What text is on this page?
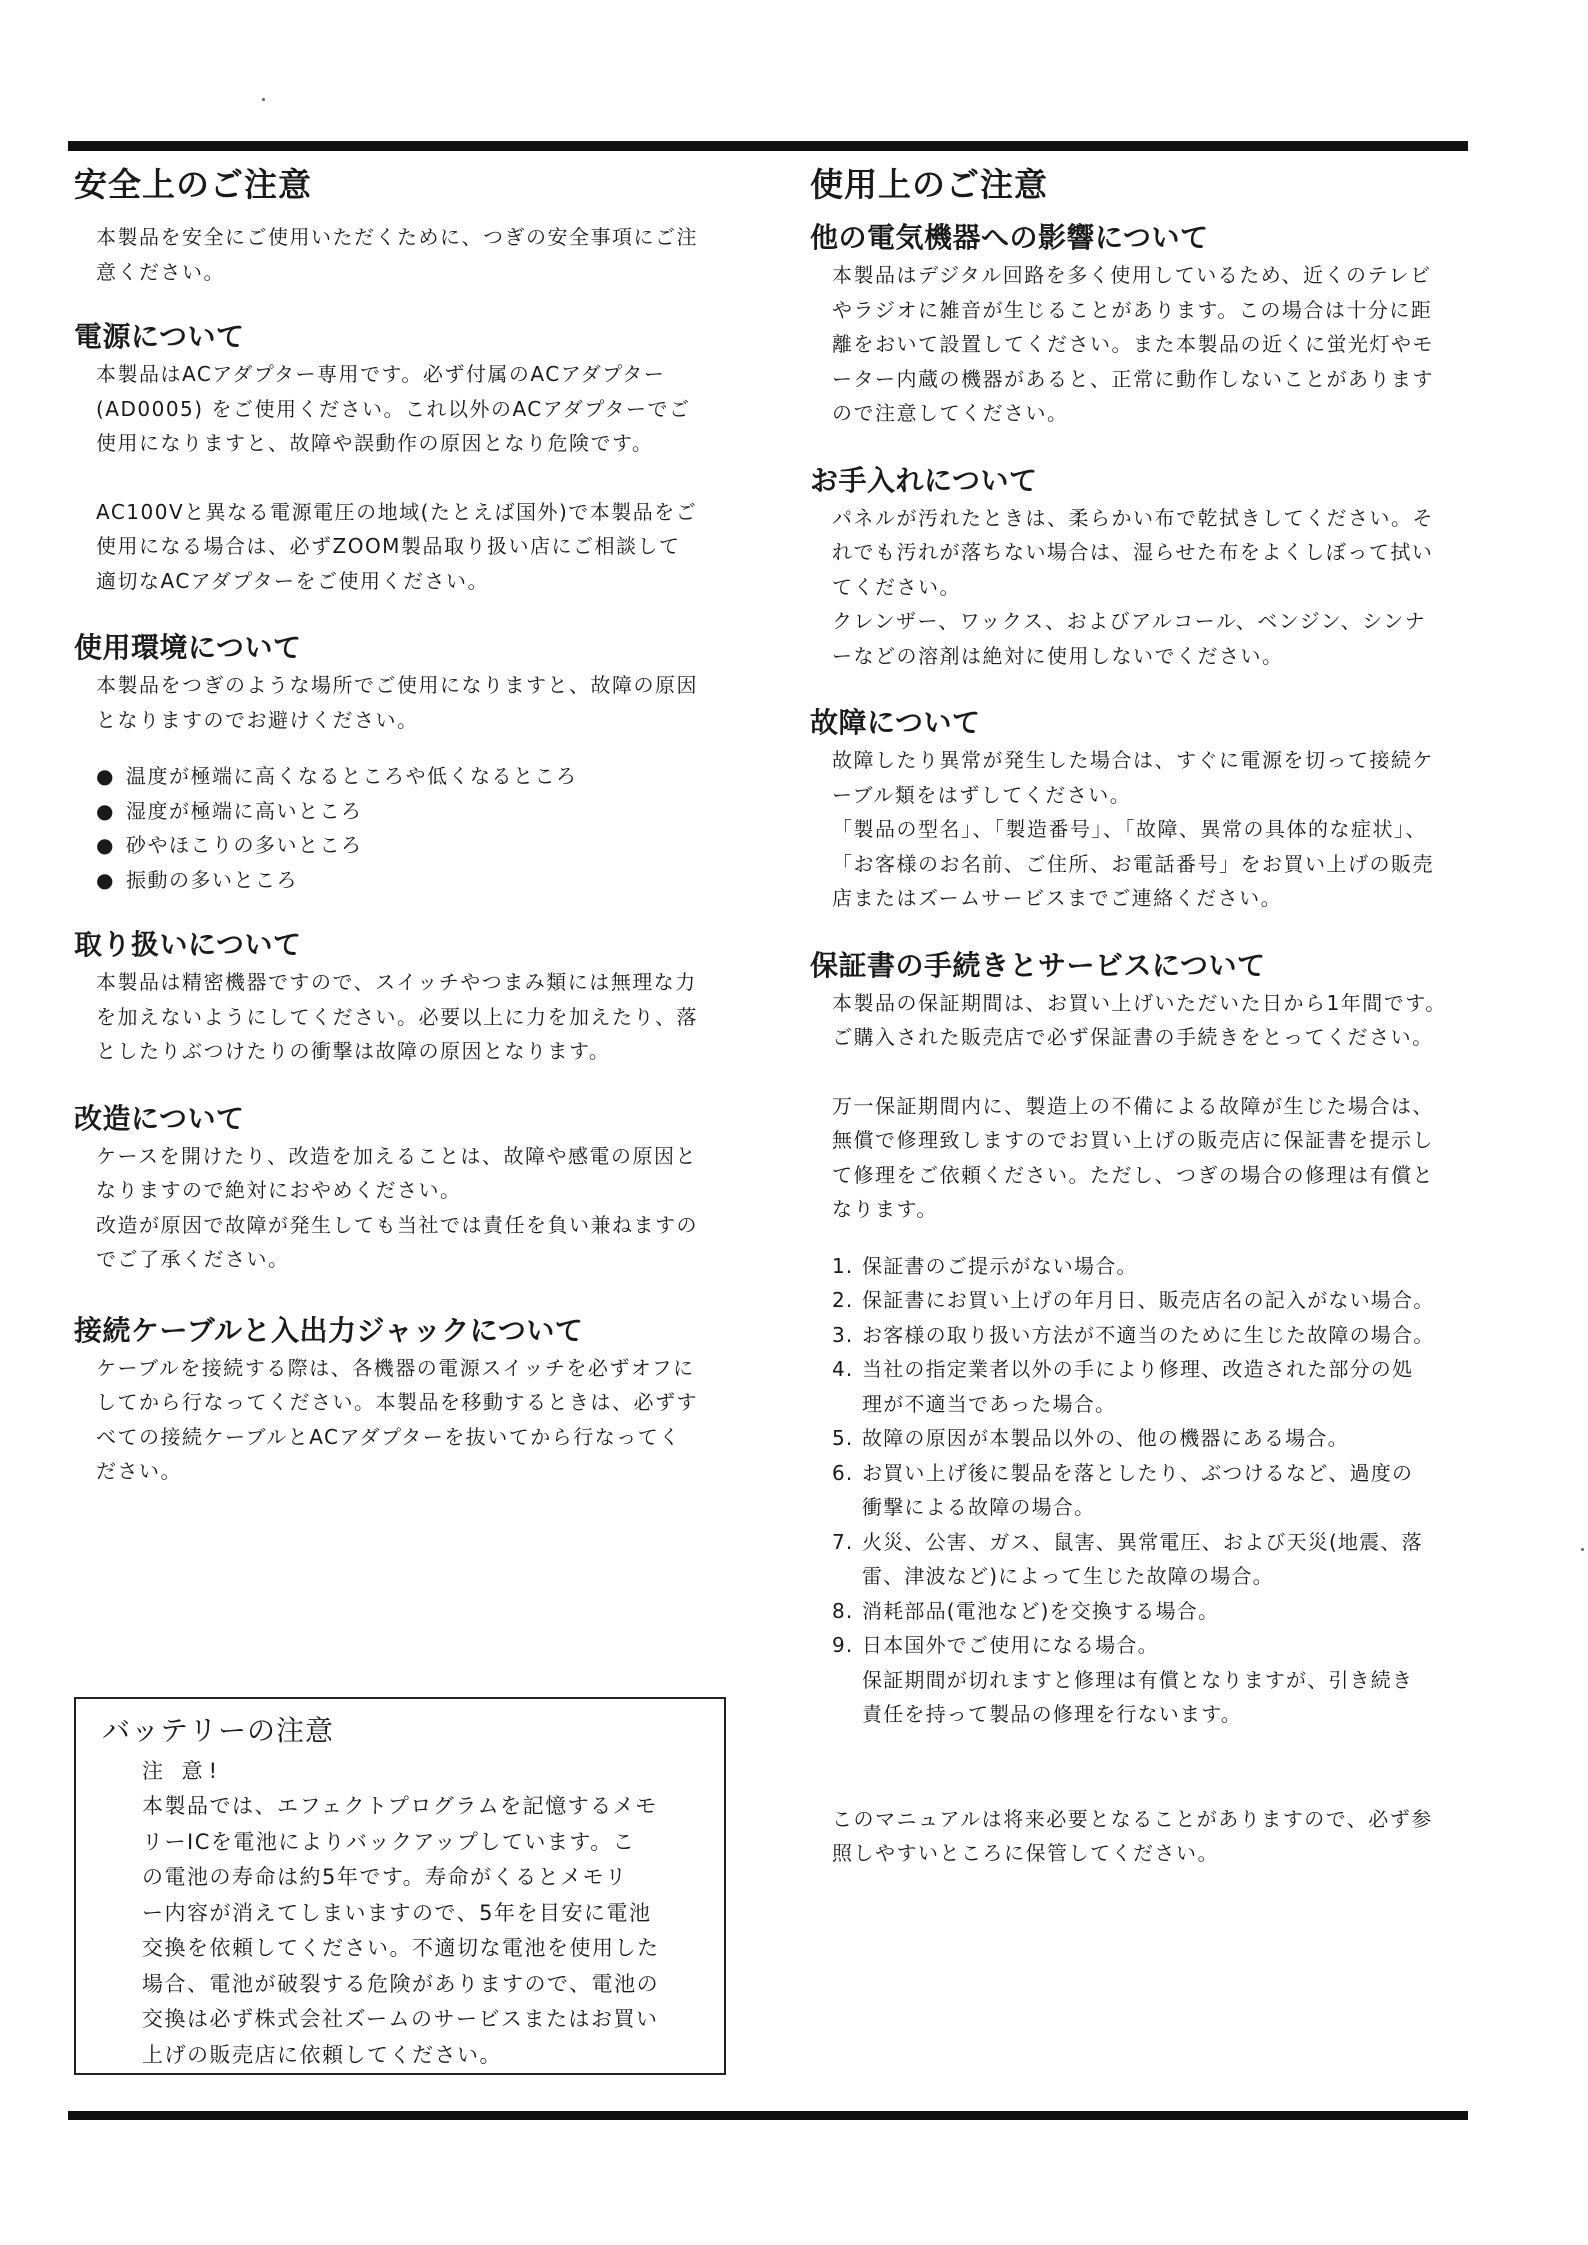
安全上のご注意

本製品を安全にご使用いただくために、つぎの安全事項にご注
意ください。

電源について

本製品はACアダプター専用です。必ず付属のACアダプター
(AD0005) をご使用ください。これ以外のACアダプターでご
使用になりますと、故障や誤動作の原因となり危険です。

AC100Vと異なる電源電圧の地域(たとえば国外)で本製品をご
使用になる場合は、必ずZOOM製品取り扱い店にご相談して
適切なACアダプターをご使用ください。

使用環境について

本製品をつぎのような場所でご使用になりますと、故障の原因
となりますのでお避けください。

● 温度が極端に高くなるところや低くなるところ
● 湿度が極端に高いところ
● 砂やほこりの多いところ
● 振動の多いところ
取り扱いについて

本製品は精密機器ですので、スイッチやつまみ類には無理な力
を加えないようにしてください。必要以上に力を加えたり、落
としたりぶつけたりの衝撃は故障の原因となります。

改造について

ケースを開けたり、改造を加えることは、故障や感電の原因と
なりますので絶対におやめください。
改造が原因で故障が発生しても当社では責任を負い兼ねますの
でご了承ください。

接続ケーブルと入出力ジャックについて

ケーブルを接続する際は、各機器の電源スイッチを必ずオフに
してから行なってください。本製品を移動するときは、必ずす
べての接続ケーブルとACアダプターを抜いてから行なってく
ださい。

バッテリーの注意

注 意!

本製品では、エフェクトプログラムを記憶するメモ
リーICを電池によりバックアップしています。こ
の電池の寿命は約5年です。寿命がくるとメモリ
ー内容が消えてしまいますので、5年を目安に電池
交換を依頼してください。不適切な電池を使用した
場合、電池が破裂する危険がありますので、電池の
交換は必ず株式会社ズームのサービスまたはお買い
上げの販売店に依頼してください。

使用上のご注意
他の電気機器への影響について

本製品はデジタル回路を多く使用しているため、近くのテレビ
やラジオに雑音が生じることがあります。この場合は十分に距
離をおいて設置してください。また本製品の近くに蛍光灯やモ
ーター内蔵の機器があると、正常に動作しないことがあります
ので注意してください。

お手入れについて

パネルが汚れたときは、柔らかい布で乾拭きしてください。そ
れでも汚れが落ちない場合は、湿らせた布をよくしぼって拭い
てください。
クレンザー、ワックス、およびアルコール、ベンジン、シンナ
ーなどの溶剤は絶対に使用しないでください。

故障について

故障したり異常が発生した場合は、すぐに電源を切って接続ケ
ーブル類をはずしてください。
「製品の型名」、「製造番号」、「故障、異常の具体的な症状」、
「お客様のお名前、ご住所、お電話番号」をお買い上げの販売
店またはズームサービスまでご連絡ください。

保証書の手続きとサービスについて

本製品の保証期間は、お買い上げいただいた日から1年間です。
ご購入された販売店で必ず保証書の手続きをとってください。

万一保証期間内に、製造上の不備による故障が生じた場合は、
無償で修理致しますのでお買い上げの販売店に保証書を提示し
て修理をご依頼ください。ただし、つぎの場合の修理は有償と
なります。

1. 保証書のご提示がない場合。
2. 保証書にお買い上げの年月日、販売店名の記入がない場合。
3. お客様の取り扱い方法が不適当のために生じた故障の場合。
4. 当社の指定業者以外の手により修理、改造された部分の処
理が不適当であった場合。
5. 故障の原因が本製品以外の、他の機器にある場合。
6. お買い上げ後に製品を落としたり、ぶつけるなど、過度の
衝撃による故障の場合。
7. 火災、公害、ガス、鼠害、異常電圧、および天災(地震、落
雷、津波など)によって生じた故障の場合。
8. 消耗部品(電池など)を交換する場合。
9. 日本国外でご使用になる場合。
保証期間が切れますと修理は有償となりますが、引き続き
責任を持って製品の修理を行ないます。

このマニュアルは将来必要となることがありますので、必ず参
照しやすいところに保管してください。
